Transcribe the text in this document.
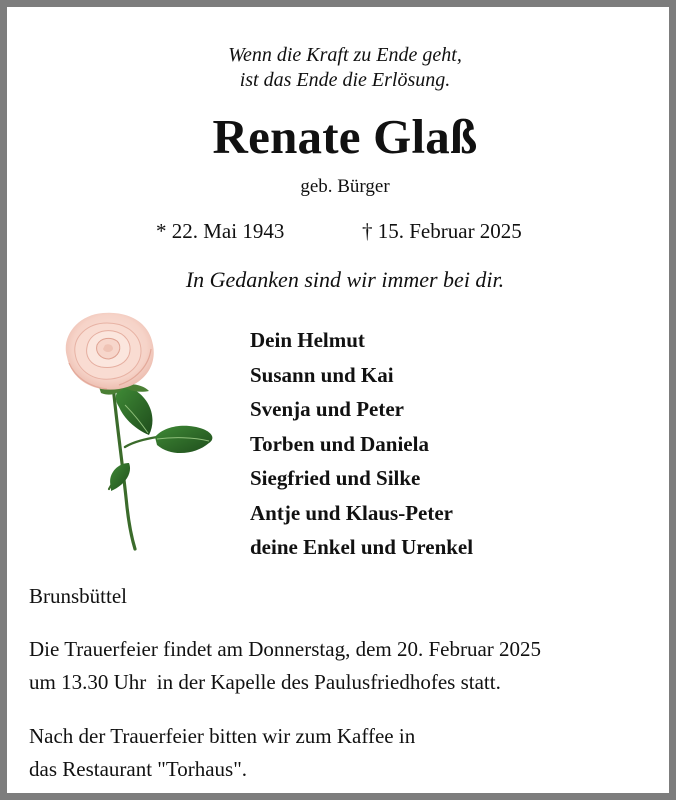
Wenn die Kraft zu Ende geht,
ist das Ende die Erlösung.
Renate Glaß
geb. Bürger
* 22. Mai 1943	† 15. Februar 2025
In Gedanken sind wir immer bei dir.
Dein Helmut
Susann und Kai
Svenja und Peter
Torben und Daniela
Siegfried und Silke
Antje und Klaus-Peter
deine Enkel und Urenkel
Brunsbüttel
Die Trauerfeier findet am Donnerstag, dem 20. Februar 2025
um 13.30 Uhr  in der Kapelle des Paulusfriedhofes statt.
Nach der Trauerfeier bitten wir zum Kaffee in
das Restaurant "Torhaus".
